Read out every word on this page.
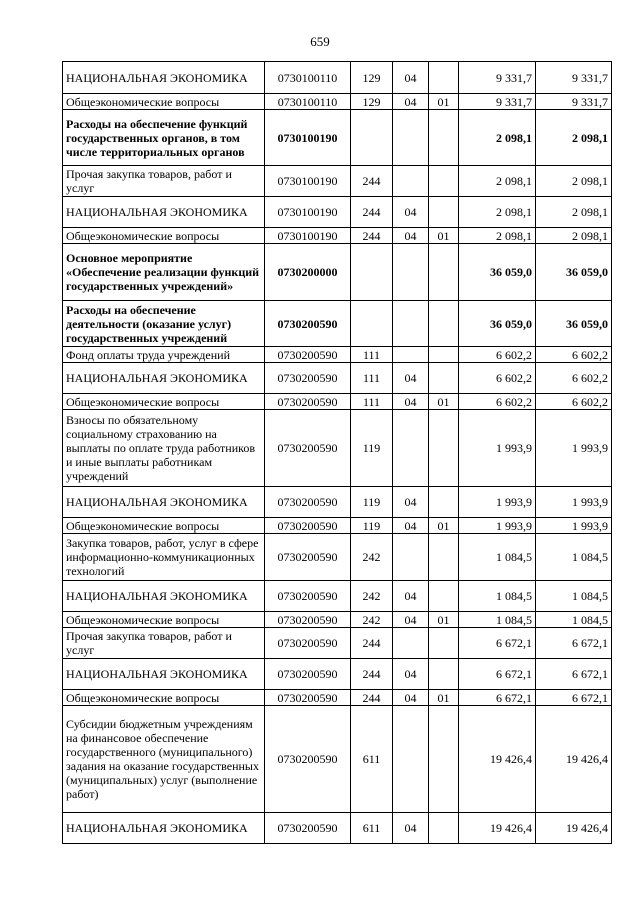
659
НАЦИОНАЛЬНАЯ ЭКОНОМИКА	0730100110	129	04		9 331,7	9 331,7
Общеэкономические вопросы	0730100110	129	04	01	9 331,7	9 331,7
Расходы на обеспечение функций государственных органов, в том числе территориальных органов	0730100190				2 098,1	2 098,1
Прочая закупка товаров, работ и услуг	0730100190	244			2 098,1	2 098,1
НАЦИОНАЛЬНАЯ ЭКОНОМИКА	0730100190	244	04		2 098,1	2 098,1
Общеэкономические вопросы	0730100190	244	04	01	2 098,1	2 098,1
Основное мероприятие «Обеспечение реализации функций государственных учреждений»	0730200000				36 059,0	36 059,0
Расходы на обеспечение деятельности (оказание услуг) государственных учреждений	0730200590				36 059,0	36 059,0
Фонд оплаты труда учреждений	0730200590	111			6 602,2	6 602,2
НАЦИОНАЛЬНАЯ ЭКОНОМИКА	0730200590	111	04		6 602,2	6 602,2
Общеэкономические вопросы	0730200590	111	04	01	6 602,2	6 602,2
Взносы по обязательному социальному страхованию на выплаты по оплате труда работников и иные выплаты работникам учреждений	0730200590	119			1 993,9	1 993,9
НАЦИОНАЛЬНАЯ ЭКОНОМИКА	0730200590	119	04		1 993,9	1 993,9
Общеэкономические вопросы	0730200590	119	04	01	1 993,9	1 993,9
Закупка товаров, работ, услуг в сфере информационно-коммуникационных технологий	0730200590	242			1 084,5	1 084,5
НАЦИОНАЛЬНАЯ ЭКОНОМИКА	0730200590	242	04		1 084,5	1 084,5
Общеэкономические вопросы	0730200590	242	04	01	1 084,5	1 084,5
Прочая закупка товаров, работ и услуг	0730200590	244			6 672,1	6 672,1
НАЦИОНАЛЬНАЯ ЭКОНОМИКА	0730200590	244	04		6 672,1	6 672,1
Общеэкономические вопросы	0730200590	244	04	01	6 672,1	6 672,1
Субсидии бюджетным учреждениям на финансовое обеспечение государственного (муниципального) задания на оказание государственных (муниципальных) услуг (выполнение работ)	0730200590	611			19 426,4	19 426,4
НАЦИОНАЛЬНАЯ ЭКОНОМИКА	0730200590	611	04		19 426,4	19 426,4
